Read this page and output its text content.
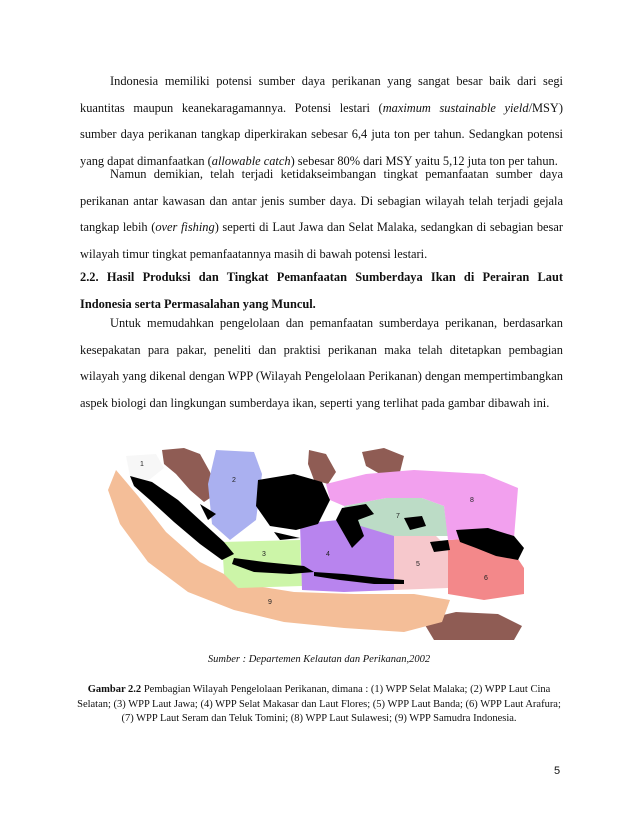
Indonesia memiliki potensi sumber daya perikanan yang sangat besar baik dari segi kuantitas maupun keanekaragamannya. Potensi lestari (maximum sustainable yield/MSY) sumber daya perikanan tangkap diperkirakan sebesar 6,4 juta ton per tahun. Sedangkan potensi yang dapat dimanfaatkan (allowable catch) sebesar 80% dari MSY yaitu 5,12 juta ton per tahun.
Namun demikian, telah terjadi ketidakseimbangan tingkat pemanfaatan sumber daya perikanan antar kawasan dan antar jenis sumber daya. Di sebagian wilayah telah terjadi gejala tangkap lebih (over fishing) seperti di Laut Jawa dan Selat Malaka, sedangkan di sebagian besar wilayah timur tingkat pemanfaatannya masih di bawah potensi lestari.
2.2. Hasil Produksi dan Tingkat Pemanfaatan Sumberdaya Ikan di Perairan Laut Indonesia serta Permasalahan yang Muncul.
Untuk memudahkan pengelolaan dan pemanfaatan sumberdaya perikanan, berdasarkan kesepakatan para pakar, peneliti dan praktisi perikanan maka telah ditetapkan pembagian wilayah yang dikenal dengan WPP (Wilayah Pengelolaan Perikanan) dengan mempertimbangkan aspek biologi dan lingkungan sumberdaya ikan, seperti yang terlihat pada gambar dibawah ini.
1
2
3	4
5
6
7
8
9
Sumber : Departemen Kelautan dan Perikanan,2002
Gambar 2.2 Pembagian Wilayah Pengelolaan Perikanan, dimana : (1) WPP Selat Malaka; (2) WPP Laut Cina Selatan; (3) WPP Laut Jawa; (4) WPP Selat Makasar dan Laut Flores; (5) WPP Laut Banda; (6) WPP Laut Arafura; (7) WPP Laut Seram dan Teluk Tomini; (8) WPP Laut Sulawesi; (9) WPP Samudra Indonesia.
5
